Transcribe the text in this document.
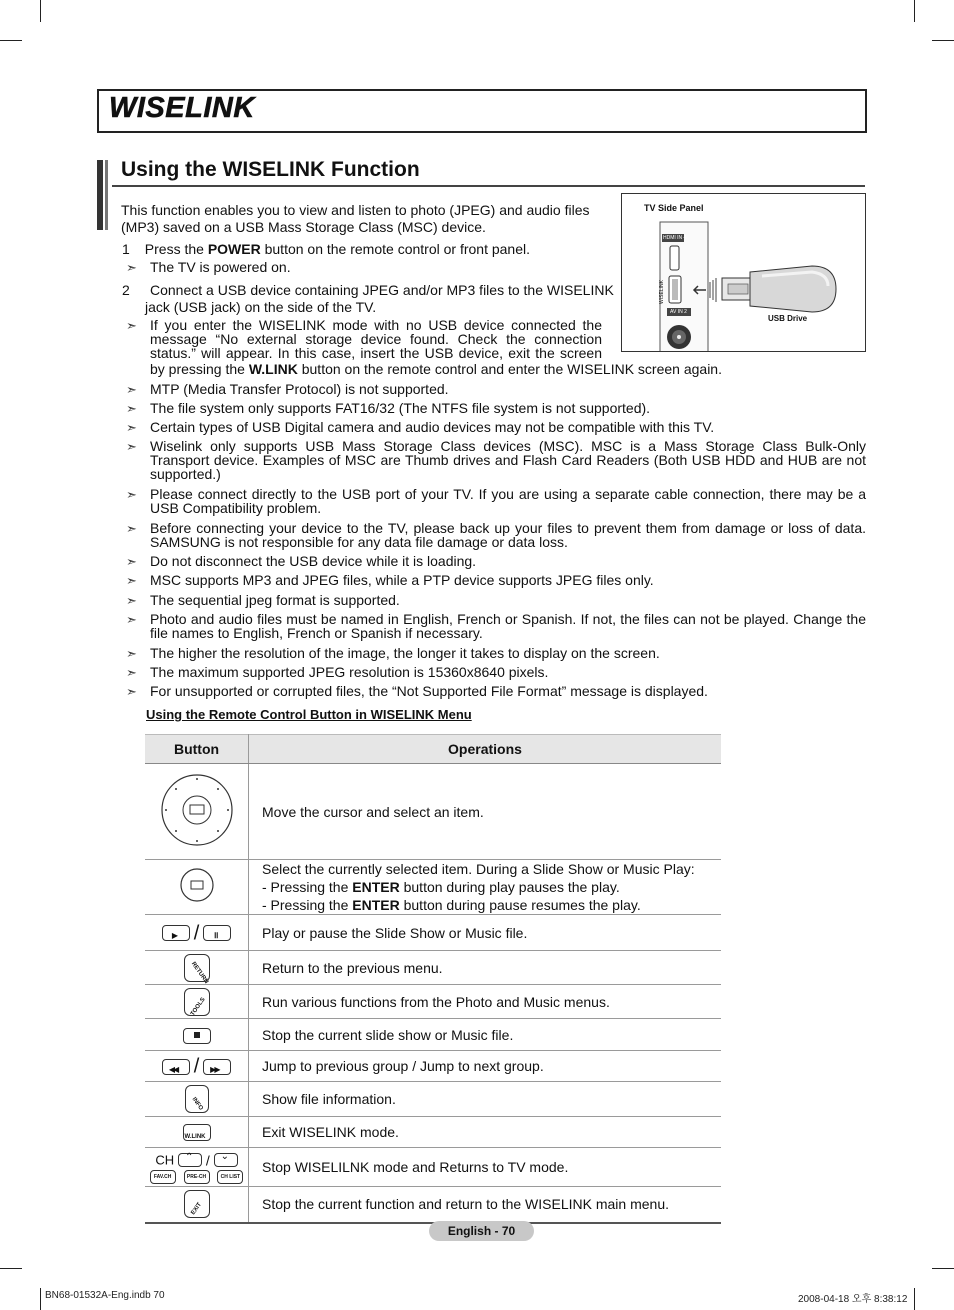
WISELINK
Using the WISELINK Function
This function enables you to view and listen to photo (JPEG) and audio files
(MP3) saved on a USB Mass Storage Class (MSC) device.
1 Press the POWER button on the remote control or front panel.
➣ The TV is powered on.
2 Connect a USB device containing JPEG and/or MP3 files to the WISELINK
jack (USB jack) on the side of the TV.
➣ If you enter the WISELINK mode with no USB device connected the
message “No external storage device found. Check the connection
status.” will appear. In this case, insert the USB device, exit the screen
by pressing the W.LINK button on the remote control and enter the WISELINK screen again.
TV Side Panel
HDMI IN 4
WISELINK
AV IN 2
USB Drive
➣ MTP (Media Transfer Protocol) is not supported.
➣ The file system only supports FAT16/32 (The NTFS file system is not supported).
➣ Certain types of USB Digital camera and audio devices may not be compatible with this TV.
➣ Wiselink only supports USB Mass Storage Class devices (MSC). MSC is a Mass Storage Class Bulk-Only Transport device. Examples of MSC are Thumb drives and Flash Card Readers (Both USB HDD and HUB are not supported.)
➣ Please connect directly to the USB port of your TV. If you are using a separate cable connection, there may be a USB Compatibility problem.
➣ Before connecting your device to the TV, please back up your files to prevent them from damage or loss of data. SAMSUNG is not responsible for any data file damage or data loss.
➣ Do not disconnect the USB device while it is loading.
➣ MSC supports MP3 and JPEG files, while a PTP device supports JPEG files only.
➣ The sequential jpeg format is supported.
➣ Photo and audio files must be named in English, French or Spanish. If not, the files can not be played. Change the file names to English, French or Spanish if necessary.
➣ The higher the resolution of the image, the longer it takes to display on the screen.
➣ The maximum supported JPEG resolution is 15360x8640 pixels.
➣ For unsupported or corrupted files, the “Not Supported File Format” message is displayed.
Using the Remote Control Button in WISELINK Menu
Button	Operations
	Move the cursor and select an item.

Select the currently selected item. During a Slide Show or Music Play:
- Pressing the ENTER button during play pauses the play.
- Pressing the ENTER button during pause resumes the play.

▶ / ॥	Play or pause the Slide Show or Music file.

RETURN	Return to the previous menu.

TOOLS	Run various functions from the Photo and Music menus.

	Stop the current slide show or Music file.

◀◀ / ▶▶	Jump to previous group / Jump to next group.

INFO	Show file information.

W.LINK	Exit WISELINK mode.

CH ⌃ / ⌄
FAV.CH PRE-CH CH LIST	Stop WISELILNK mode and Returns to TV mode.

EXIT	Stop the current function and return to the WISELINK main menu.
English - 70
BN68-01532A-Eng.indb 70	2008-04-18 오후 8:38:12
